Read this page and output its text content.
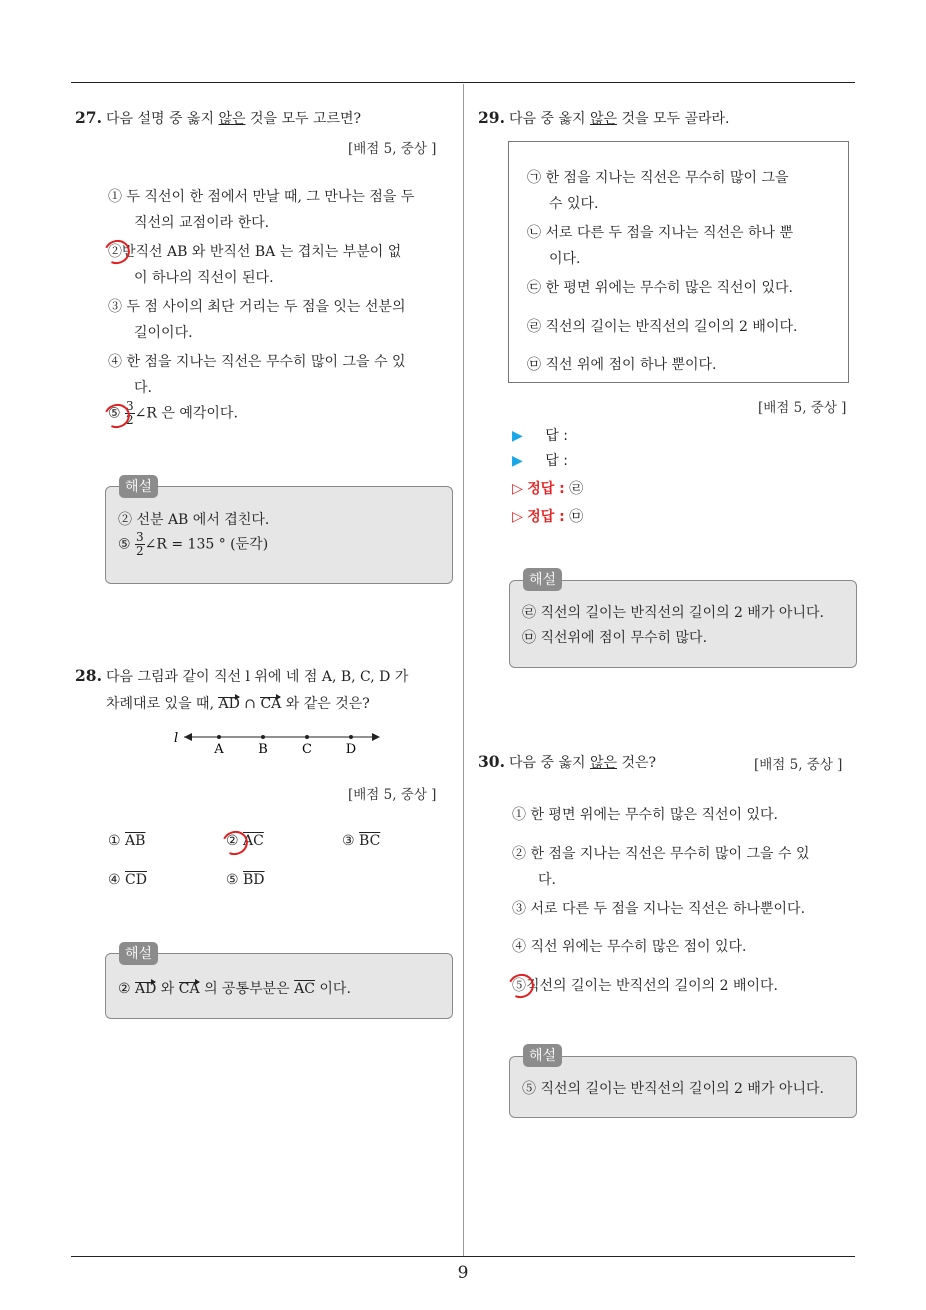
27. 다음 설명 중 옳지 않은 것을 모두 고르면?
[배점 5, 중상 ]
① 두 직선이 한 점에서 만날 때, 그 만나는 점을 두
직선의 교점이라 한다.
②반직선 AB 와 반직선 BA 는 겹치는 부분이 없
이 하나의 직선이 된다.
③ 두 점 사이의 최단 거리는 두 점을 잇는 선분의
길이이다.
④ 한 점을 지나는 직선은 무수히 많이 그을 수 있
다.
⑤ $\frac{3}{2}$ ∠R 은 예각이다.
② 선분 AB 에서 겹친다.
⑤ $\frac{3}{2}$ ∠R = 135 ° (둔각)
해설
28. 다음 그림과 같이 직선 l 위에 네 점 A, B, C, D 가
차례대로 있을 때, AD ∩ CA 와 같은 것은?
l
A	B	C	D
[배점 5, 중상 ]
① $\overline{AB}$	② $\overline{AC}$	③ $\overline{BC}$
④ $\overline{CD}$	⑤ $\overline{BD}$
② AD 와 CA 의 공통부분은 $\overline{AC}$ 이다.
해설
29. 다음 중 옳지 않은 것을 모두 골라라.
㉠ 한 점을 지나는 직선은 무수히 많이 그을
수 있다.
㉡ 서로 다른 두 점을 지나는 직선은 하나 뿐
이다.
㉢ 한 평면 위에는 무수히 많은 직선이 있다.
㉣ 직선의 길이는 반직선의 길이의 2 배이다.
㉤ 직선 위에 점이 하나 뿐이다.
[배점 5, 중상 ]
▶ 답 :
▶ 답 :
▷ 정답 : ㉣
▷ 정답 : ㉤
㉣ 직선의 길이는 반직선의 길이의 2 배가 아니다.
㉤ 직선위에 점이 무수히 많다.
해설
30. 다음 중 옳지 않은 것은?	[배점 5, 중상 ]
① 한 평면 위에는 무수히 많은 직선이 있다.
② 한 점을 지나는 직선은 무수히 많이 그을 수 있
다.
③ 서로 다른 두 점을 지나는 직선은 하나뿐이다.
④ 직선 위에는 무수히 많은 점이 있다.
⑤직선의 길이는 반직선의 길이의 2 배이다.
⑤ 직선의 길이는 반직선의 길이의 2 배가 아니다.
해설
9
